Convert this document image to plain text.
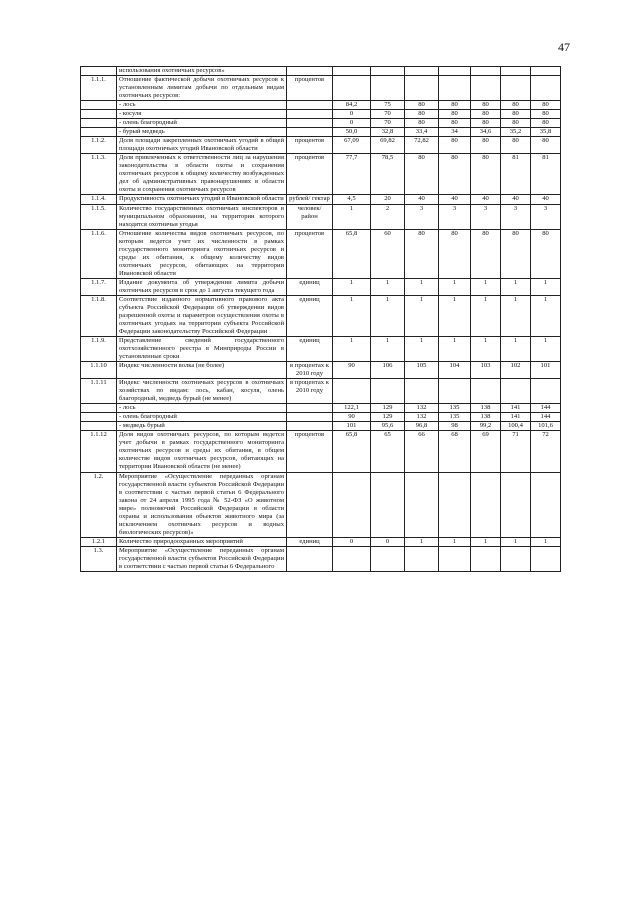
47
	использования охотничьих ресурсов»								
1.1.1.	Отношение фактической добычи охотничьих ресурсов к установленным лимитам добычи по отдельным видам охотничьих ресурсов:	процентов							
	- лось		84,2	75	80	80	80	80	80
	- косуля		0	70	80	80	80	80	80
	- олень благородный		0	70	80	80	80	80	80
	- бурый медведь		50,0	32,8	33,4	34	34,6	35,2	35,8
1.1.2.	Доля площади закрепленных охотничьих угодий в общей площади охотничьих угодий Ивановской области	процентов	67,09	69,82	72,82	80	80	80	80
1.1.3.	Доля привлеченных к ответственности лиц за нарушения законодательства в области охоты и сохранения охотничьих ресурсов к общему количеству возбужденных дел об административных правонарушениях в области охоты и сохранения охотничьих ресурсов	процентов	77,7	78,5	80	80	80	81	81
1.1.4.	Продуктивность охотничьих угодий в Ивановской области	рублей/ гектар	4,5	20	40	40	40	40	40
1.1.5.	Количество государственных охотничьих инспекторов в муниципальном образовании, на территории которого находятся охотничьи угодья	человек/ район	1	2	3	3	3	3	3
1.1.6.	Отношение количества видов охотничьих ресурсов, по которым ведется учет их численности в рамках государственного мониторинга охотничьих ресурсов и среды их обитания, к общему количеству видов охотничьих ресурсов, обитающих на территории Ивановской области	процентов	65,8	60	80	80	80	80	80
1.1.7.	Издание документа об утверждении лимита добычи охотничьих ресурсов в срок до 1 августа текущего года	единиц	1	1	1	1	1	1	1
1.1.8.	Соответствие изданного нормативного правового акта субъекта Российской Федерации об утверждении видов разрешенной охоты и параметров осуществления охоты в охотничьих угодьях на территории субъекта Российской Федерации законодательству Российской Федерации	единиц	1	1	1	1	1	1	1
1.1.9.	Представление сведений государственного охотхозяйственного реестра в Минприроды России в установленные сроки	единиц	1	1	1	1	1	1	1
1.1.10	Индекс численности волка (не более)	в процентах к 2010 году	90	106	105	104	103	102	101
1.1.11	Индекс численности охотничьих ресурсов в охотничьих хозяйствах по видам: лось, кабан, косуля, олень благородный, медведь бурый (не менее)	в процентах к 2010 году							
	- лось		122,1	129	132	135	138	141	144
	- олень благородный		90	129	132	135	138	141	144
	- медведь бурый		101	95,6	96,8	98	99,2	100,4	101,6
1.1.12	Доля видов охотничьих ресурсов, по которым ведется учет добычи в рамках государственного мониторинга охотничьих ресурсов и среды их обитания, в общем количестве видов охотничьих ресурсов, обитающих на территории Ивановской области (не менее)	процентов	65,8	65	66	68	69	71	72
1.2.	Мероприятие «Осуществление переданных органам государственной власти субъектов Российской Федерации в соответствии с частью первой статьи 6 Федерального закона от 24 апреля 1995 года № 52-ФЗ «О животном мире» полномочий Российской Федерации в области охраны и использования объектов животного мира (за исключением охотничьих ресурсов и водных биологических ресурсов)»								
1.2.1	Количество природоохранных мероприятий	единиц	0	0	1	1	1	1	1
1.3.	Мероприятие «Осуществление переданных органам государственной власти субъектов Российской Федерации в соответствии с частью первой статьи 6 Федерального								
